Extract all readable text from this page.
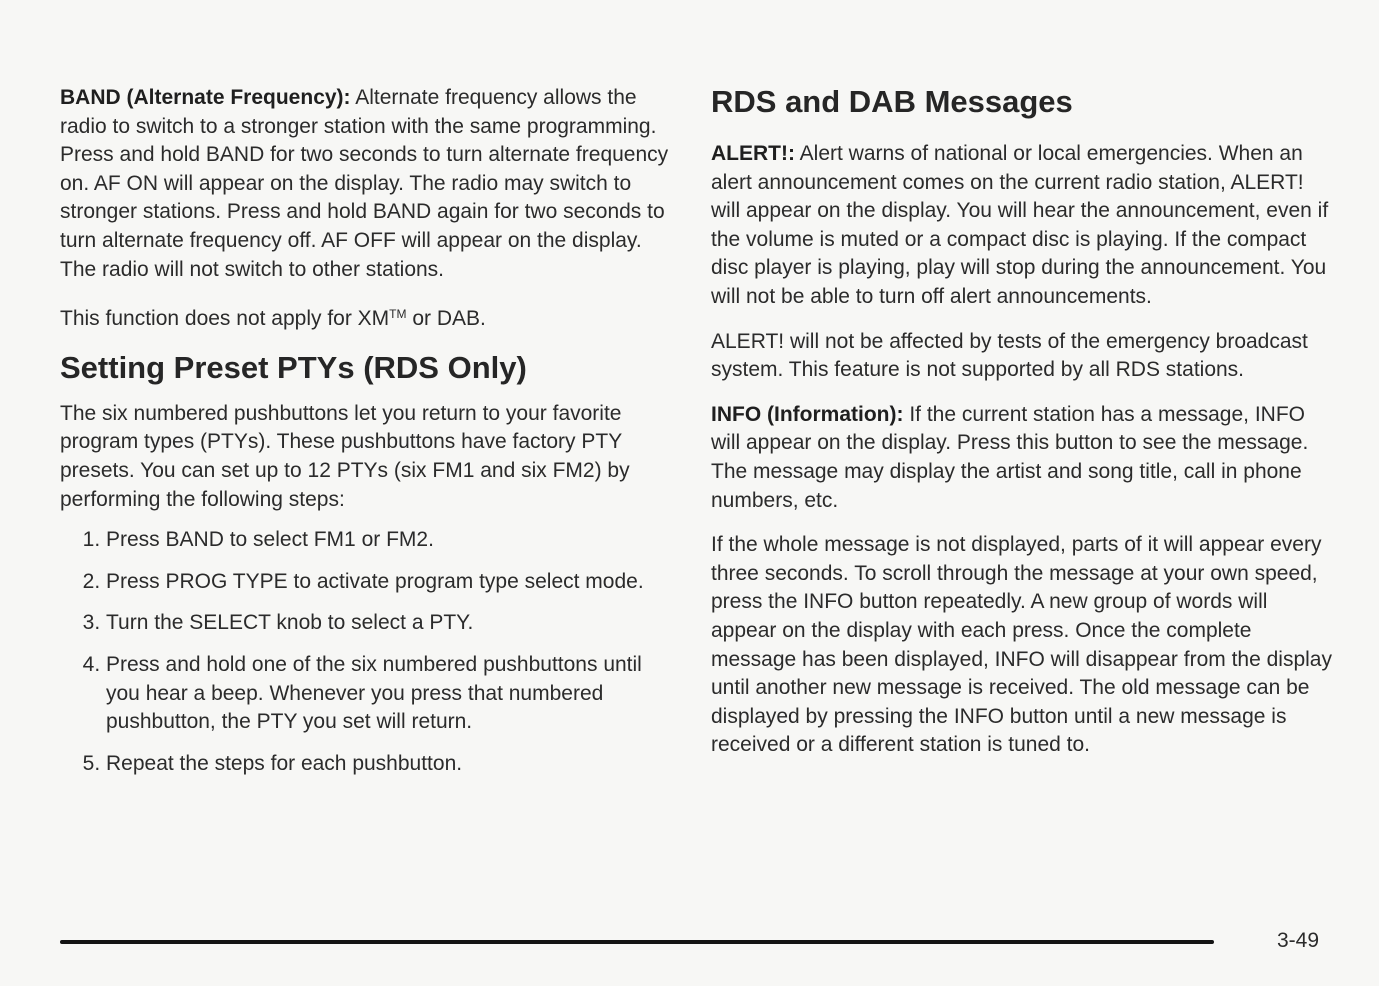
BAND (Alternate Frequency): Alternate frequency allows the radio to switch to a stronger station with the same programming. Press and hold BAND for two seconds to turn alternate frequency on. AF ON will appear on the display. The radio may switch to stronger stations. Press and hold BAND again for two seconds to turn alternate frequency off. AF OFF will appear on the display. The radio will not switch to other stations.

This function does not apply for XM™ or DAB.

Setting Preset PTYs (RDS Only)

The six numbered pushbuttons let you return to your favorite program types (PTYs). These pushbuttons have factory PTY presets. You can set up to 12 PTYs (six FM1 and six FM2) by performing the following steps:

1. Press BAND to select FM1 or FM2.
2. Press PROG TYPE to activate program type select mode.
3. Turn the SELECT knob to select a PTY.
4. Press and hold one of the six numbered pushbuttons until you hear a beep. Whenever you press that numbered pushbutton, the PTY you set will return.
5. Repeat the steps for each pushbutton.
RDS and DAB Messages

ALERT!: Alert warns of national or local emergencies. When an alert announcement comes on the current radio station, ALERT! will appear on the display. You will hear the announcement, even if the volume is muted or a compact disc is playing. If the compact disc player is playing, play will stop during the announcement. You will not be able to turn off alert announcements.

ALERT! will not be affected by tests of the emergency broadcast system. This feature is not supported by all RDS stations.

INFO (Information): If the current station has a message, INFO will appear on the display. Press this button to see the message. The message may display the artist and song title, call in phone numbers, etc.

If the whole message is not displayed, parts of it will appear every three seconds. To scroll through the message at your own speed, press the INFO button repeatedly. A new group of words will appear on the display with each press. Once the complete message has been displayed, INFO will disappear from the display until another new message is received. The old message can be displayed by pressing the INFO button until a new message is received or a different station is tuned to.

3-49
